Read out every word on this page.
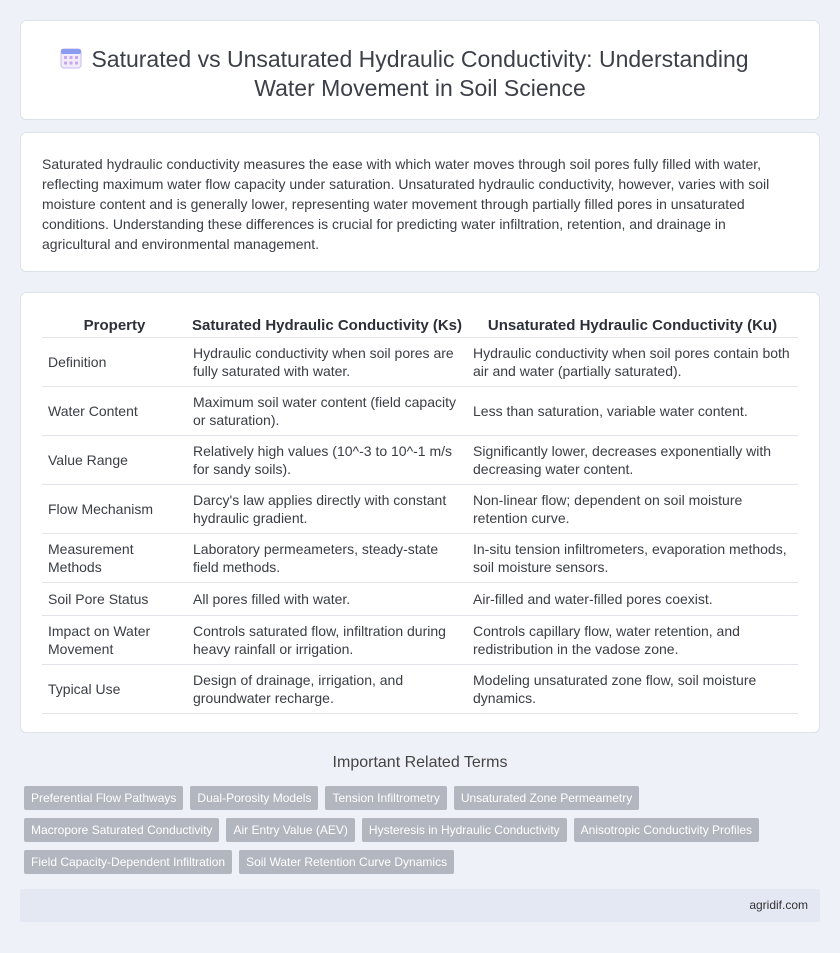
Saturated vs Unsaturated Hydraulic Conductivity: Understanding
Water Movement in Soil Science

Saturated hydraulic conductivity measures the ease with which water moves through soil pores fully filled with water, reflecting maximum water flow capacity under saturation. Unsaturated hydraulic conductivity, however, varies with soil moisture content and is generally lower, representing water movement through partially filled pores in unsaturated conditions. Understanding these differences is crucial for predicting water infiltration, retention, and drainage in agricultural and environmental management.

Property	Saturated Hydraulic Conductivity (Ks)	Unsaturated Hydraulic Conductivity (Ku)
Definition	Hydraulic conductivity when soil pores are fully saturated with water.	Hydraulic conductivity when soil pores contain both air and water (partially saturated).
Water Content	Maximum soil water content (field capacity or saturation).	Less than saturation, variable water content.
Value Range	Relatively high values (10^-3 to 10^-1 m/s for sandy soils).	Significantly lower, decreases exponentially with decreasing water content.
Flow Mechanism	Darcy's law applies directly with constant hydraulic gradient.	Non-linear flow; dependent on soil moisture retention curve.
Measurement Methods	Laboratory permeameters, steady-state field methods.	In-situ tension infiltrometers, evaporation methods, soil moisture sensors.
Soil Pore Status	All pores filled with water.	Air-filled and water-filled pores coexist.
Impact on Water Movement	Controls saturated flow, infiltration during heavy rainfall or irrigation.	Controls capillary flow, water retention, and redistribution in the vadose zone.
Typical Use	Design of drainage, irrigation, and groundwater recharge.	Modeling unsaturated zone flow, soil moisture dynamics.
Important Related Terms
Preferential Flow Pathways	Dual-Porosity Models	Tension Infiltrometry	Unsaturated Zone Permeametry
Macropore Saturated Conductivity	Air Entry Value (AEV)	Hysteresis in Hydraulic Conductivity	Anisotropic Conductivity Profiles
Field Capacity-Dependent Infiltration	Soil Water Retention Curve Dynamics
agridif.com
